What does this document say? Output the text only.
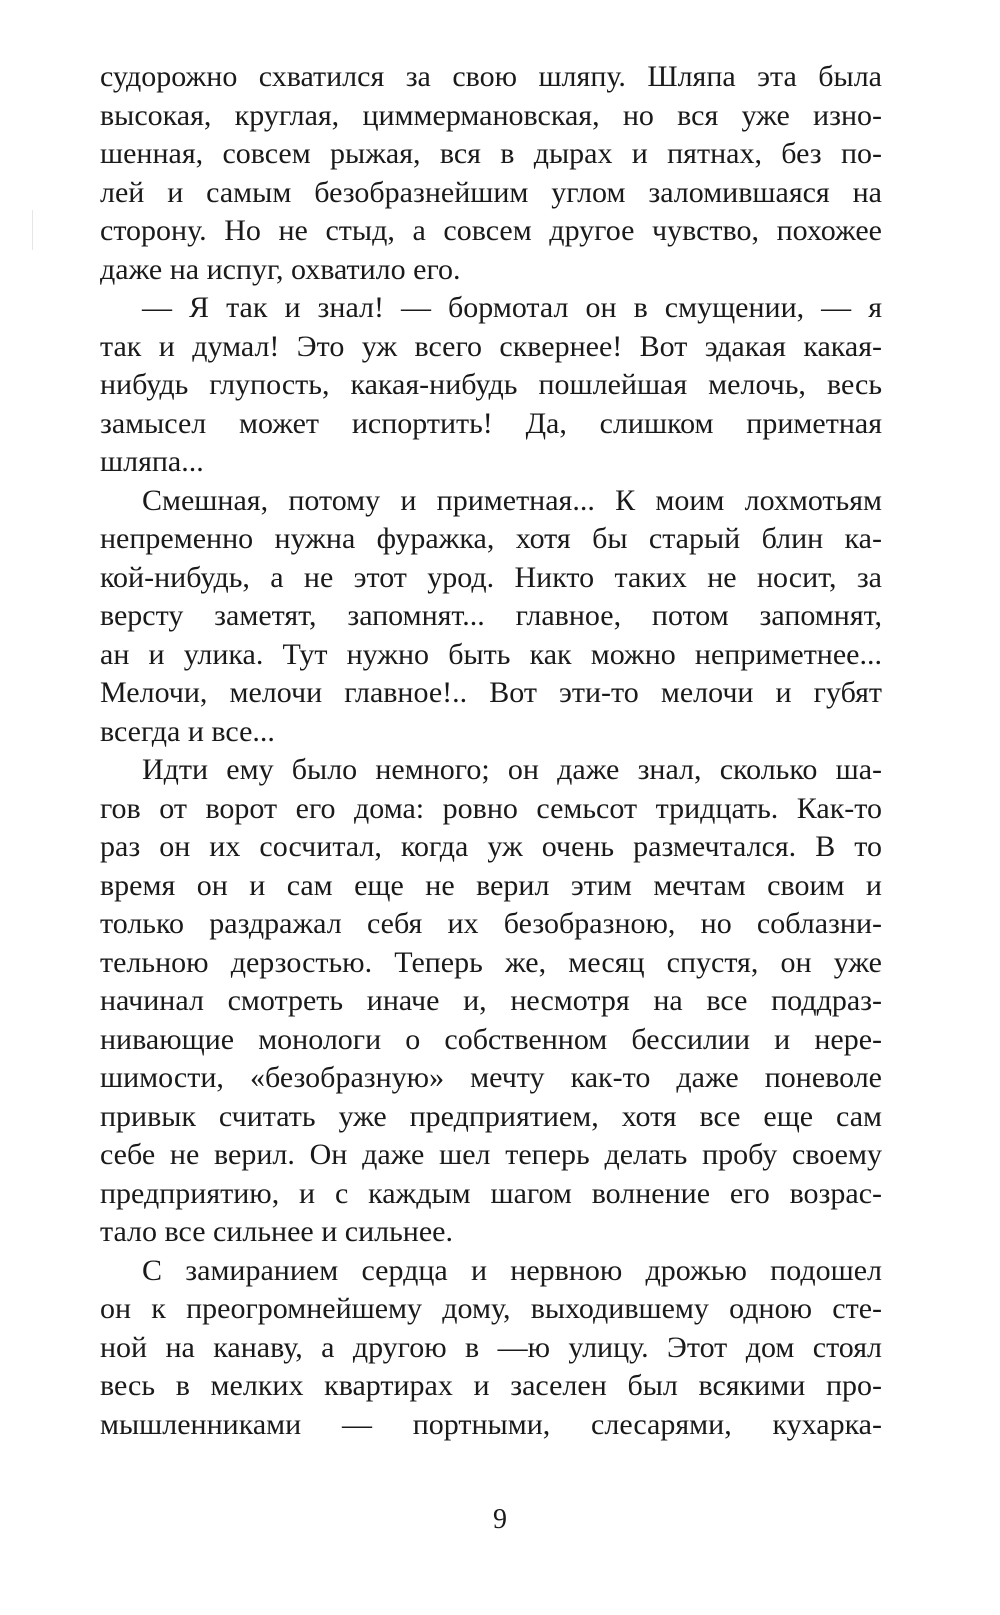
судорожно схватился за свою шляпу. Шляпа эта была
высокая, круглая, циммермановская, но вся уже изно-
шенная, совсем рыжая, вся в дырах и пятнах, без по-
лей и самым безобразнейшим углом заломившаяся на
сторону. Но не стыд, а совсем другое чувство, похожее
даже на испуг, охватило его.

— Я так и знал! — бормотал он в смущении, — я
так и думал! Это уж всего сквернее! Вот эдакая какая-
нибудь глупость, какая-нибудь пошлейшая мелочь, весь
замысел может испортить! Да, слишком приметная
шляпа...

Смешная, потому и приметная... К моим лохмотьям
непременно нужна фуражка, хотя бы старый блин ка-
кой-нибудь, а не этот урод. Никто таких не носит, за
версту заметят, запомнят... главное, потом запомнят,
ан и улика. Тут нужно быть как можно неприметнее...
Мелочи, мелочи главное!.. Вот эти-то мелочи и губят
всегда и все...

Идти ему было немного; он даже знал, сколько ша-
гов от ворот его дома: ровно семьсот тридцать. Как-то
раз он их сосчитал, когда уж очень размечтался. В то
время он и сам еще не верил этим мечтам своим и
только раздражал себя их безобразною, но соблазни-
тельною дерзостью. Теперь же, месяц спустя, он уже
начинал смотреть иначе и, несмотря на все поддраз-
нивающие монологи о собственном бессилии и нере-
шимости, «безобразную» мечту как-то даже поневоле
привык считать уже предприятием, хотя все еще сам
себе не верил. Он даже шел теперь делать пробу своему
предприятию, и с каждым шагом волнение его возрас-
тало все сильнее и сильнее.

С замиранием сердца и нервною дрожью подошел
он к преогромнейшему дому, выходившему одною сте-
ной на канаву, а другою в —ю улицу. Этот дом стоял
весь в мелких квартирах и заселен был всякими про-
мышленниками — портными, слесарями, кухарка-

9
